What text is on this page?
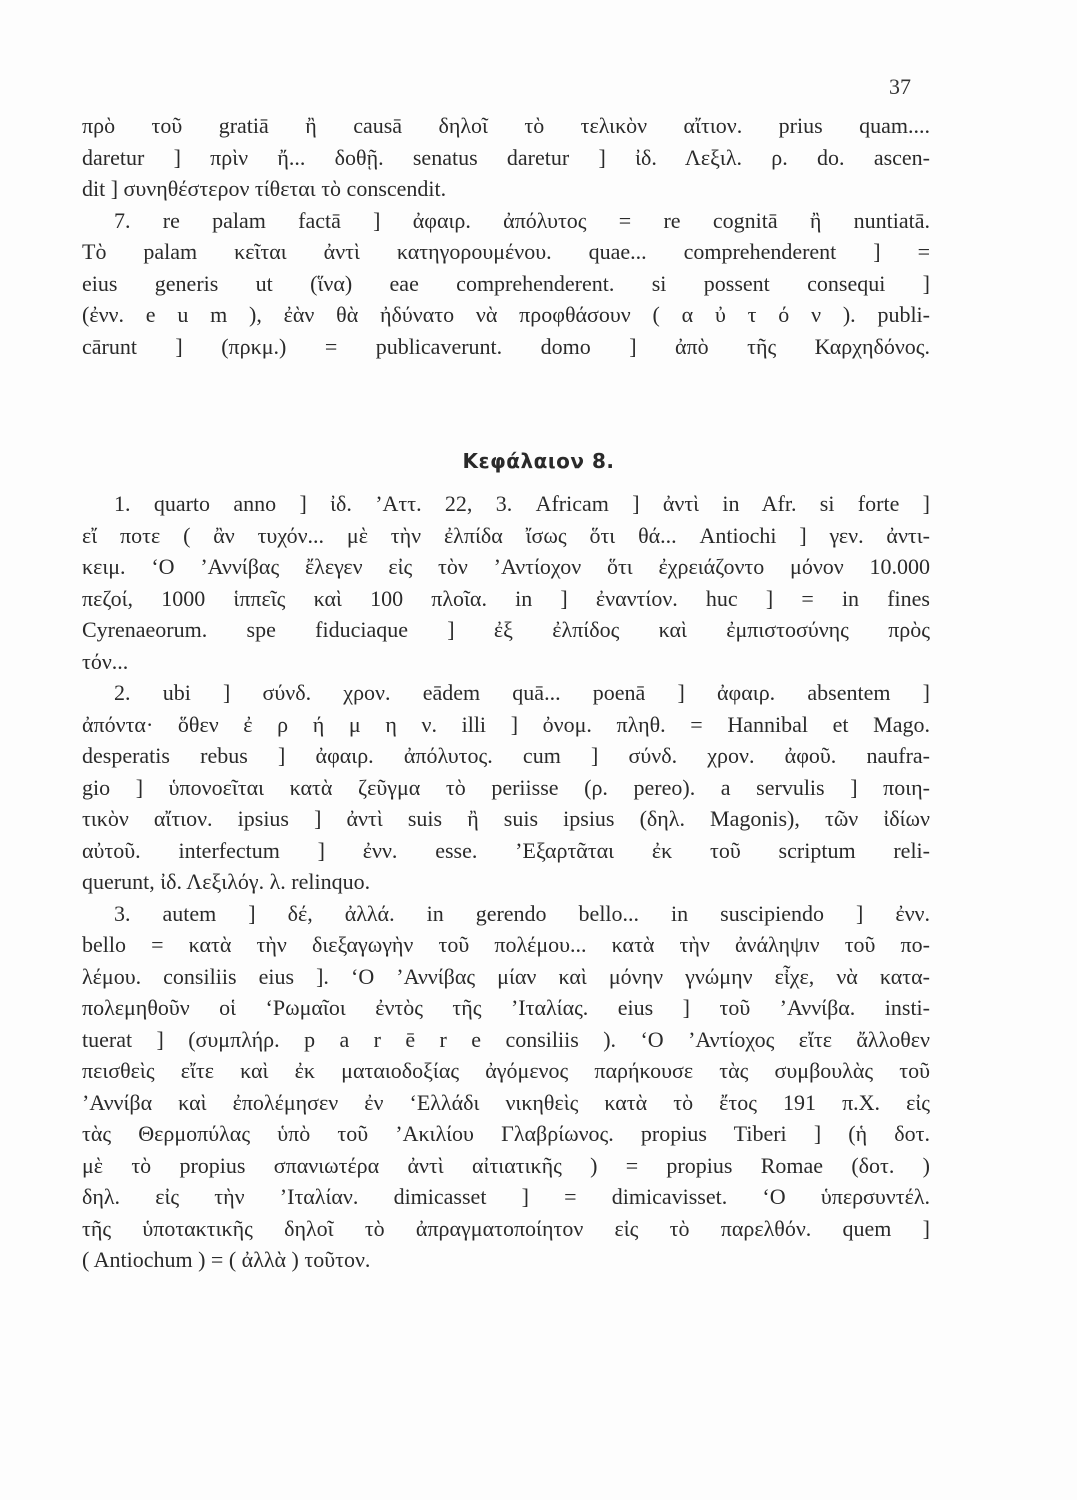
37
πρὸ τοῦ gratiā ἢ causā δηλοῖ τὸ τελικὸν αἴτιον. prius quam....
daretur ] πρὶν ἤ... δοθῇ. senatus daretur ] ἰδ. Λεξιλ. ρ. do. ascen-
dit ] συνηθέστερον τίθεται τὸ conscendit.
7. re palam factā ] ἀφαιρ. ἀπόλυτος = re cognitā ἢ nuntiatā.
Τὸ palam κεῖται ἀντὶ κατηγορουμένου. quae... comprehenderent ] =
eius generis ut (ἵνα) eae comprehenderent. si possent consequi ]
(ἐνν. e u m ), ἐὰν θὰ ἠδύνατο νὰ προφθάσουν ( α ὐ τ ό ν ). publi-
cārunt ] (πρκμ.) = publicaverunt. domo ] ἀπὸ τῆς Καρχηδόνος.
Κεφάλαιον 8.
1. quarto anno ] ἰδ. ’Αττ. 22, 3. Africam ] ἀντὶ in Afr. si forte ]
εἴ ποτε ( ἂν τυχόν... μὲ τὴν ἐλπίδα ἴσως ὅτι θά... Antiochi ] γεν. ἀντι-
κειμ. ‘Ο ’Αννίβας ἔλεγεν εἰς τὸν ’Αντίοχον ὅτι ἐχρειάζοντο μόνον 10.000
πεζοί, 1000 ἱππεῖς καὶ 100 πλοῖα. in ] ἐναντίον. huc ] = in fines
Cyrenaeorum. spe fiduciaque ] ἐξ ἐλπίδος καὶ ἐμπιστοσύνης πρὸς
τόν...
2. ubi ] σύνδ. χρον. eādem quā... poenā ] ἀφαιρ. absentem ]
ἀπόντα· ὅθεν ἐ ρ ή μ η ν. illi ] ὀνομ. πληθ. = Hannibal et Mago.
desperatis rebus ] ἀφαιρ. ἀπόλυτος. cum ] σύνδ. χρον. ἀφοῦ. naufra-
gio ] ὑπονοεῖται κατὰ ζεῦγμα τὸ periisse (ρ. pereo). a servulis ] ποιη-
τικὸν αἴτιον. ipsius ] ἀντὶ suis ἢ suis ipsius (δηλ. Magonis), τῶν ἰδίων
αὐτοῦ. interfectum ] ἐνν. esse. ’Εξαρτᾶται ἐκ τοῦ scriptum reli-
querunt, ἰδ. Λεξιλόγ. λ. relinquo.
3. autem ] δέ, ἀλλά. in gerendo bello... in suscipiendo ] ἐνν.
bello = κατὰ τὴν διεξαγωγὴν τοῦ πολέμου... κατὰ τὴν ἀνάληψιν τοῦ πο-
λέμου. consiliis eius ]. ‘Ο ’Αννίβας μίαν καὶ μόνην γνώμην εἶχε, νὰ κατα-
πολεμηθοῦν οἱ ‘Ρωμαῖοι ἐντὸς τῆς ’Ιταλίας. eius ] τοῦ ’Αννίβα. insti-
tuerat ] (συμπλήρ. p a r ē r e consiliis ). ‘Ο ’Αντίοχος εἴτε ἄλλοθεν
πεισθεὶς εἴτε καὶ ἐκ ματαιοδοξίας ἀγόμενος παρήκουσε τὰς συμβουλὰς τοῦ
’Αννίβα καὶ ἐπολέμησεν ἐν ‘Ελλάδι νικηθεὶς κατὰ τὸ ἔτος 191 π.Χ. εἰς
τὰς Θερμοπύλας ὑπὸ τοῦ ’Ακιλίου Γλαβρίωνος. propius Tiberi ] (ἡ δοτ.
μὲ τὸ propius σπανιωτέρα ἀντὶ αἰτιατικῆς ) = propius Romae (δοτ. )
δηλ. εἰς τὴν ’Ιταλίαν. dimicasset ] = dimicavisset. ‘Ο ὑπερσυντέλ.
τῆς ὑποτακτικῆς δηλοῖ τὸ ἀπραγματοποίητον εἰς τὸ παρελθόν. quem ]
( Antiochum ) = ( ἀλλὰ ) τοῦτον.
